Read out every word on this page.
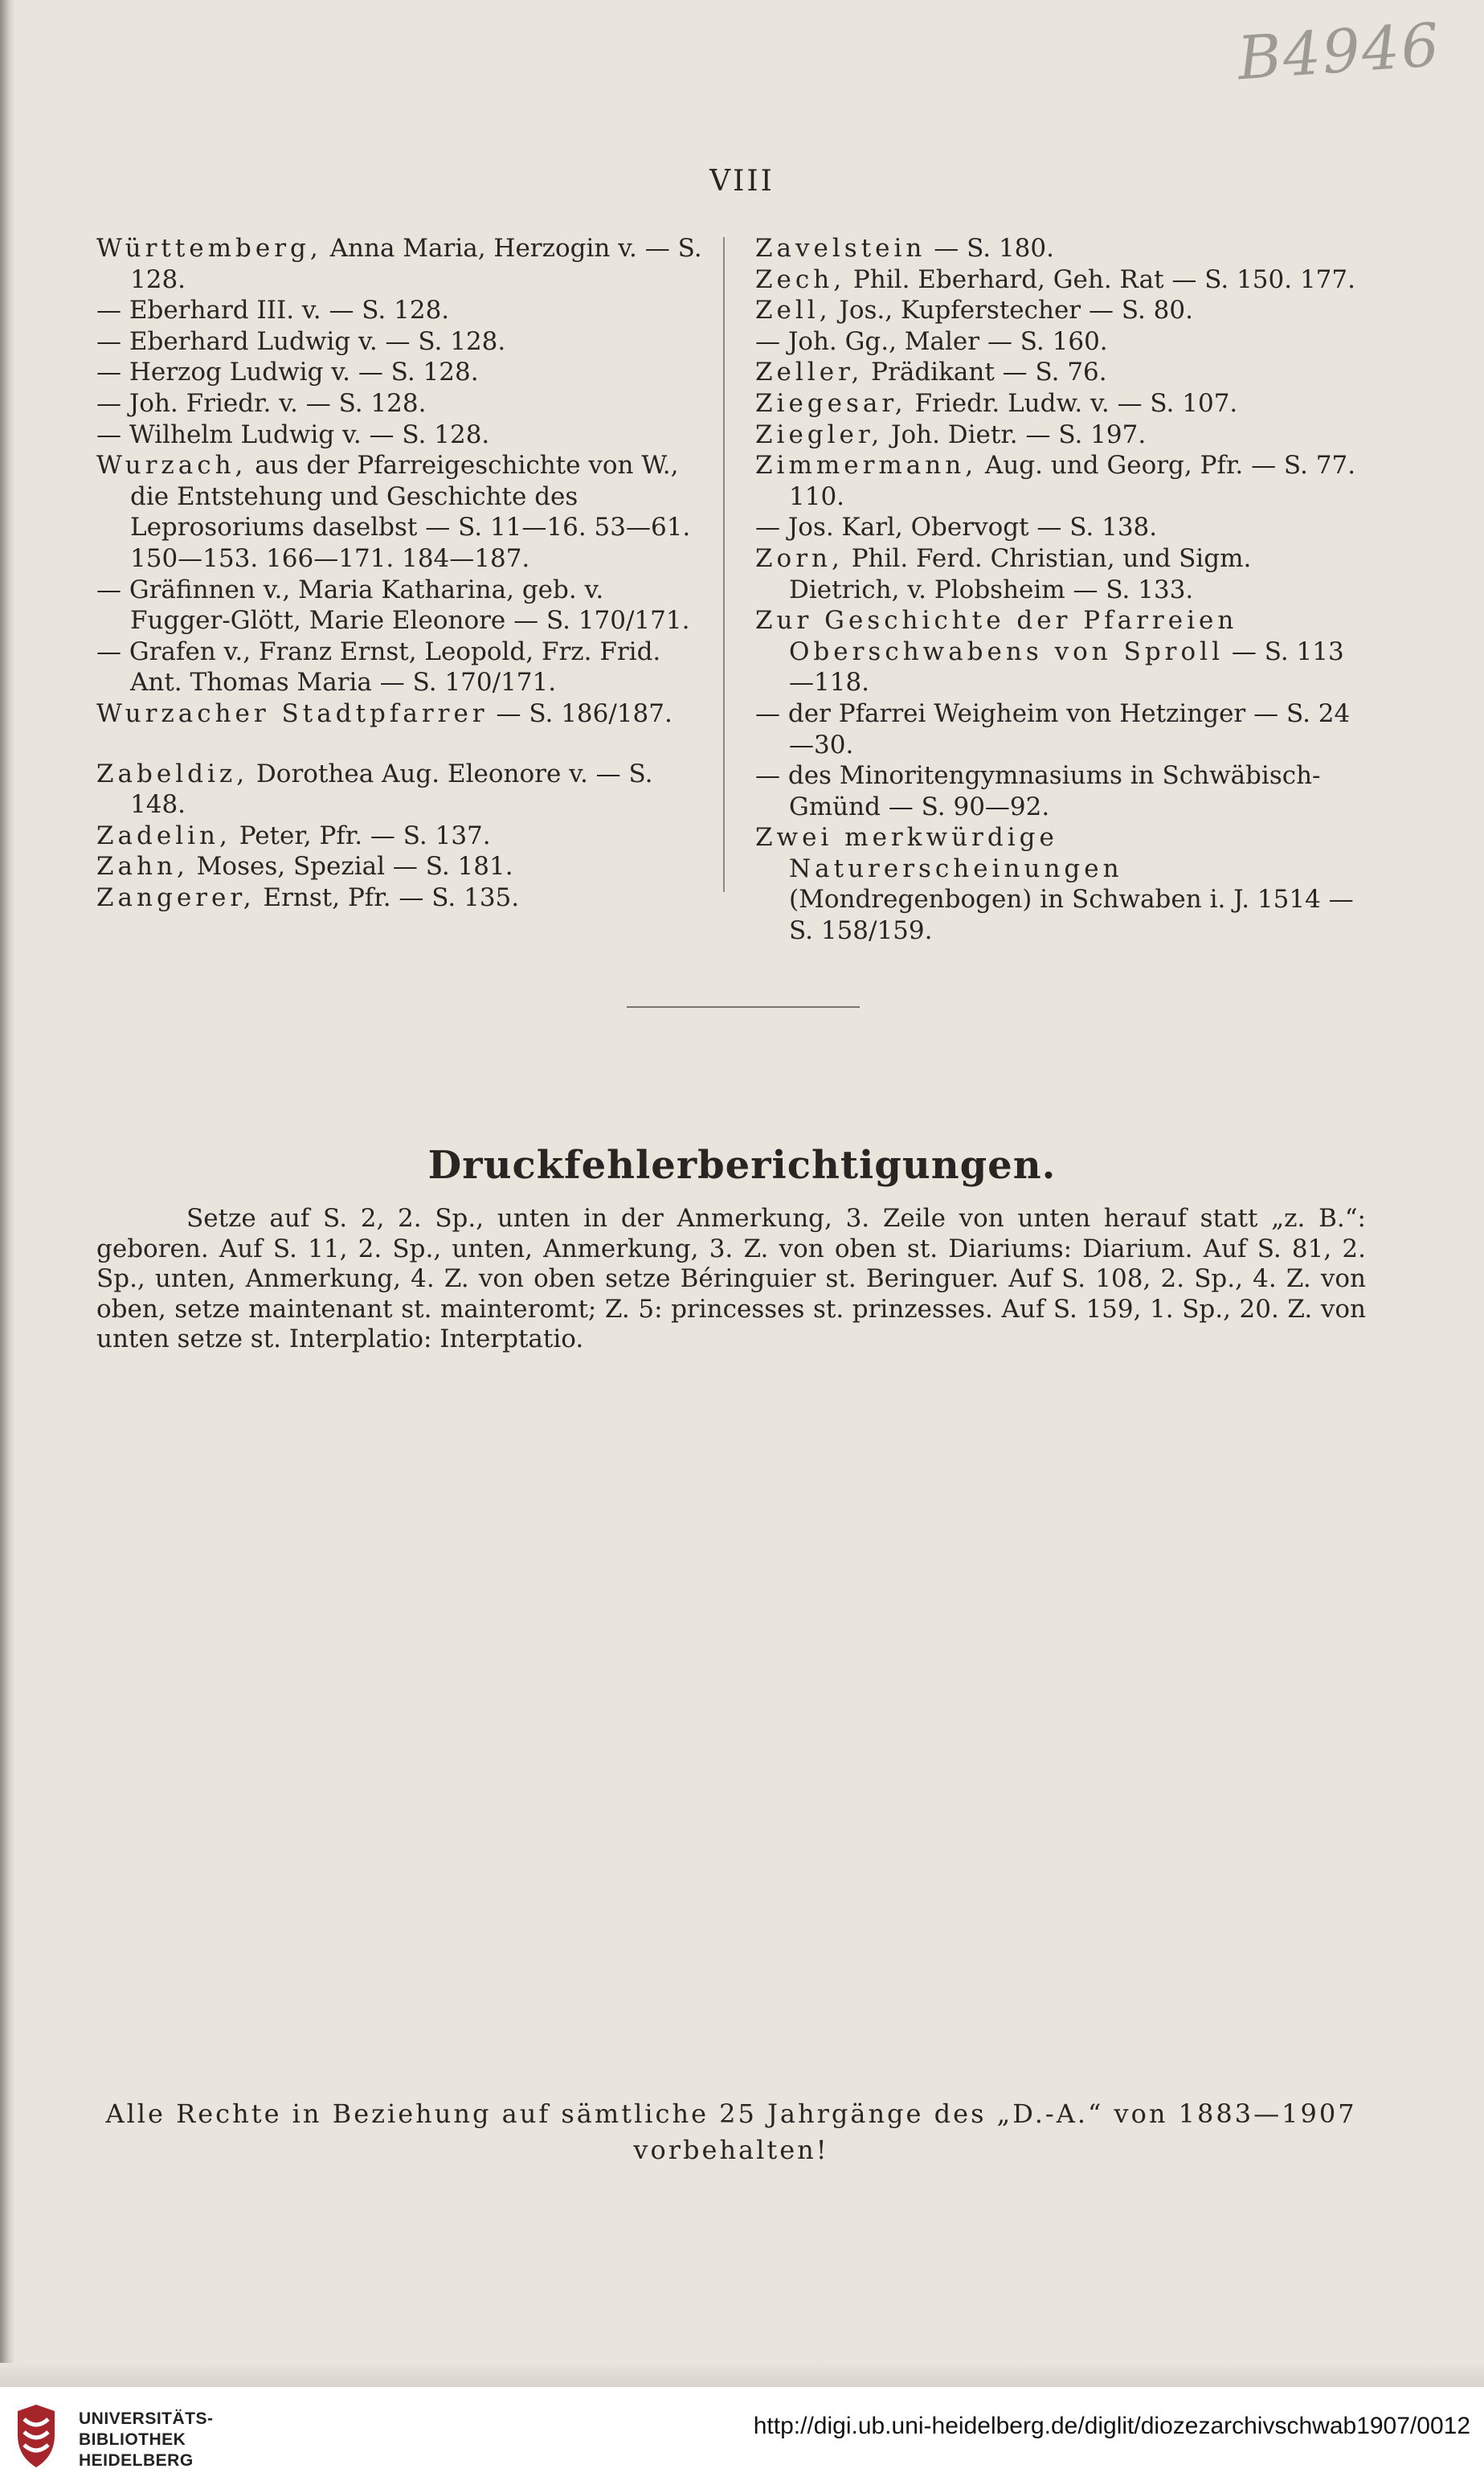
B4946
VIII
Württemberg, Anna Maria, Herzogin v. — S. 128.
— Eberhard III. v. — S. 128.
— Eberhard Ludwig v. — S. 128.
— Herzog Ludwig v. — S. 128.
— Joh. Friedr. v. — S. 128.
— Wilhelm Ludwig v. — S. 128.
Wurzach, aus der Pfarreigeschichte von W., die Entstehung und Geschichte des Leprosoriums daselbst — S. 11—16. 53—61. 150—153. 166—171. 184—187.
— Gräfinnen v., Maria Katharina, geb. v. Fugger-Glött, Marie Eleonore — S. 170/171.
— Grafen v., Franz Ernst, Leopold, Frz. Frid. Ant. Thomas Maria — S. 170/171.
Wurzacher Stadtpfarrer — S. 186/187.
Zabeldiz, Dorothea Aug. Eleonore v. — S. 148.
Zadelin, Peter, Pfr. — S. 137.
Zahn, Moses, Spezial — S. 181.
Zangerer, Ernst, Pfr. — S. 135.
Zavelstein — S. 180.
Zech, Phil. Eberhard, Geh. Rat — S. 150. 177.
Zell, Jos., Kupferstecher — S. 80.
— Joh. Gg., Maler — S. 160.
Zeller, Prädikant — S. 76.
Ziegesar, Friedr. Ludw. v. — S. 107.
Ziegler, Joh. Dietr. — S. 197.
Zimmermann, Aug. und Georg, Pfr. — S. 77. 110.
— Jos. Karl, Obervogt — S. 138.
Zorn, Phil. Ferd. Christian, und Sigm. Dietrich, v. Plobsheim — S. 133.
Zur Geschichte der Pfarreien Oberschwabens von Sproll — S. 113—118.
— der Pfarrei Weigheim von Hetzinger — S. 24—30.
— des Minoritengymnasiums in Schwäbisch-Gmünd — S. 90—92.
Zwei merkwürdige Naturerscheinungen (Mondregenbogen) in Schwaben i. J. 1514 — S. 158/159.
Druckfehlerberichtigungen.
Setze auf S. 2, 2. Sp., unten in der Anmerkung, 3. Zeile von unten herauf statt „z. B.“: geboren. Auf S. 11, 2. Sp., unten, Anmerkung, 3. Z. von oben st. Diariums: Diarium. Auf S. 81, 2. Sp., unten, Anmerkung, 4. Z. von oben setze Béringuier st. Beringuer. Auf S. 108, 2. Sp., 4. Z. von oben, setze maintenant st. mainteromt; Z. 5: princesses st. prinzesses. Auf S. 159, 1. Sp., 20. Z. von unten setze st. Interplatio: Interptatio.
Alle Rechte in Beziehung auf sämtliche 25 Jahrgänge des „D.-A.“ von 1883—1907 vorbehalten!
UNIVERSITÄTS-
BIBLIOTHEK
HEIDELBERG
http://digi.ub.uni-heidelberg.de/diglit/diozezarchivschwab1907/0012
